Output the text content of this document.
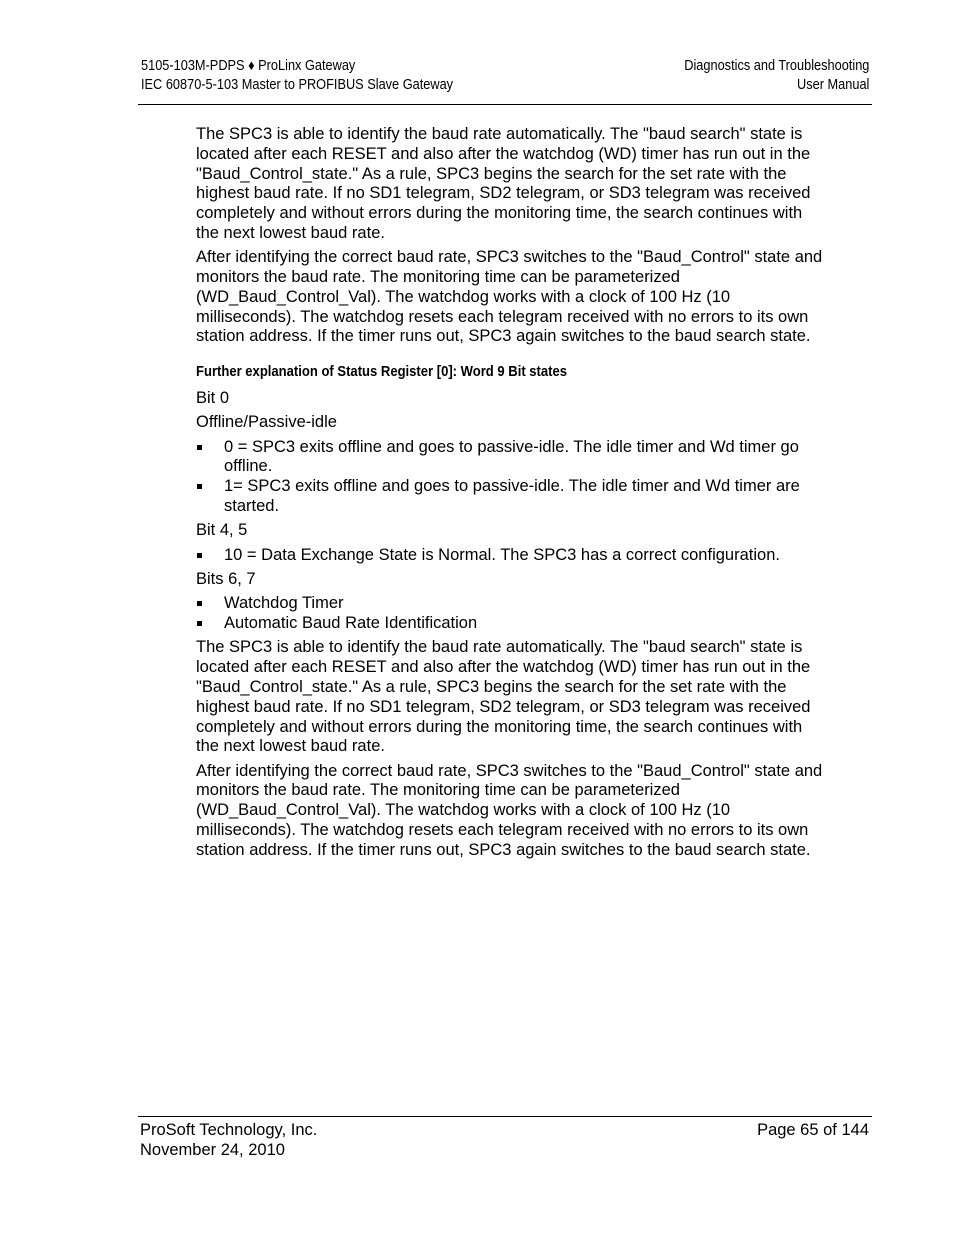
5105-103M-PDPS ♦ ProLinx Gateway
IEC 60870-5-103 Master to PROFIBUS Slave Gateway
Diagnostics and Troubleshooting
User Manual

The SPC3 is able to identify the baud rate automatically. The "baud search" state is located after each RESET and also after the watchdog (WD) timer has run out in the "Baud_Control_state." As a rule, SPC3 begins the search for the set rate with the highest baud rate. If no SD1 telegram, SD2 telegram, or SD3 telegram was received completely and without errors during the monitoring time, the search continues with the next lowest baud rate.

After identifying the correct baud rate, SPC3 switches to the "Baud_Control" state and monitors the baud rate. The monitoring time can be parameterized (WD_Baud_Control_Val). The watchdog works with a clock of 100 Hz (10 milliseconds). The watchdog resets each telegram received with no errors to its own station address. If the timer runs out, SPC3 again switches to the baud search state.

Further explanation of Status Register [0]: Word 9 Bit states

Bit 0

Offline/Passive-idle

0 = SPC3 exits offline and goes to passive-idle. The idle timer and Wd timer go offline.
1= SPC3 exits offline and goes to passive-idle. The idle timer and Wd timer are started.

Bit 4, 5

10 = Data Exchange State is Normal. The SPC3 has a correct configuration.

Bits 6, 7

Watchdog Timer
Automatic Baud Rate Identification

The SPC3 is able to identify the baud rate automatically. The "baud search" state is located after each RESET and also after the watchdog (WD) timer has run out in the "Baud_Control_state." As a rule, SPC3 begins the search for the set rate with the highest baud rate. If no SD1 telegram, SD2 telegram, or SD3 telegram was received completely and without errors during the monitoring time, the search continues with the next lowest baud rate.

After identifying the correct baud rate, SPC3 switches to the "Baud_Control" state and monitors the baud rate. The monitoring time can be parameterized (WD_Baud_Control_Val). The watchdog works with a clock of 100 Hz (10 milliseconds). The watchdog resets each telegram received with no errors to its own station address. If the timer runs out, SPC3 again switches to the baud search state.

ProSoft Technology, Inc.
November 24, 2010
Page 65 of 144
